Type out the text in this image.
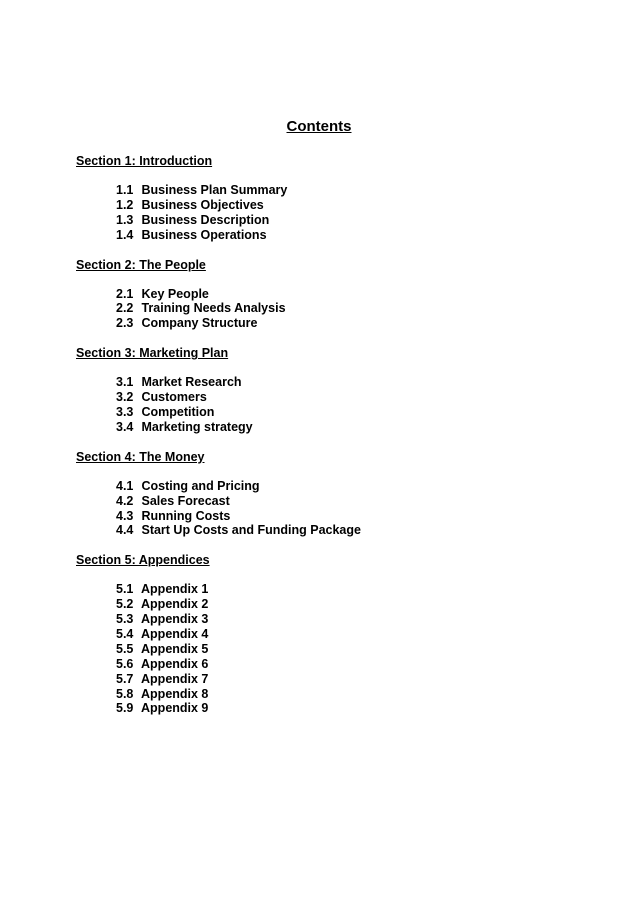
Contents
Section 1: Introduction
1.1 Business Plan Summary
1.2 Business Objectives
1.3 Business Description
1.4 Business Operations
Section 2: The People
2.1 Key People
2.2 Training Needs Analysis
2.3 Company Structure
Section 3: Marketing Plan
3.1 Market Research
3.2 Customers
3.3 Competition
3.4 Marketing strategy
Section 4: The Money
4.1 Costing and Pricing
4.2 Sales Forecast
4.3 Running Costs
4.4 Start Up Costs and Funding Package
Section 5: Appendices
5.1 Appendix 1
5.2 Appendix 2
5.3 Appendix 3
5.4 Appendix 4
5.5 Appendix 5
5.6 Appendix 6
5.7 Appendix 7
5.8 Appendix 8
5.9 Appendix 9
